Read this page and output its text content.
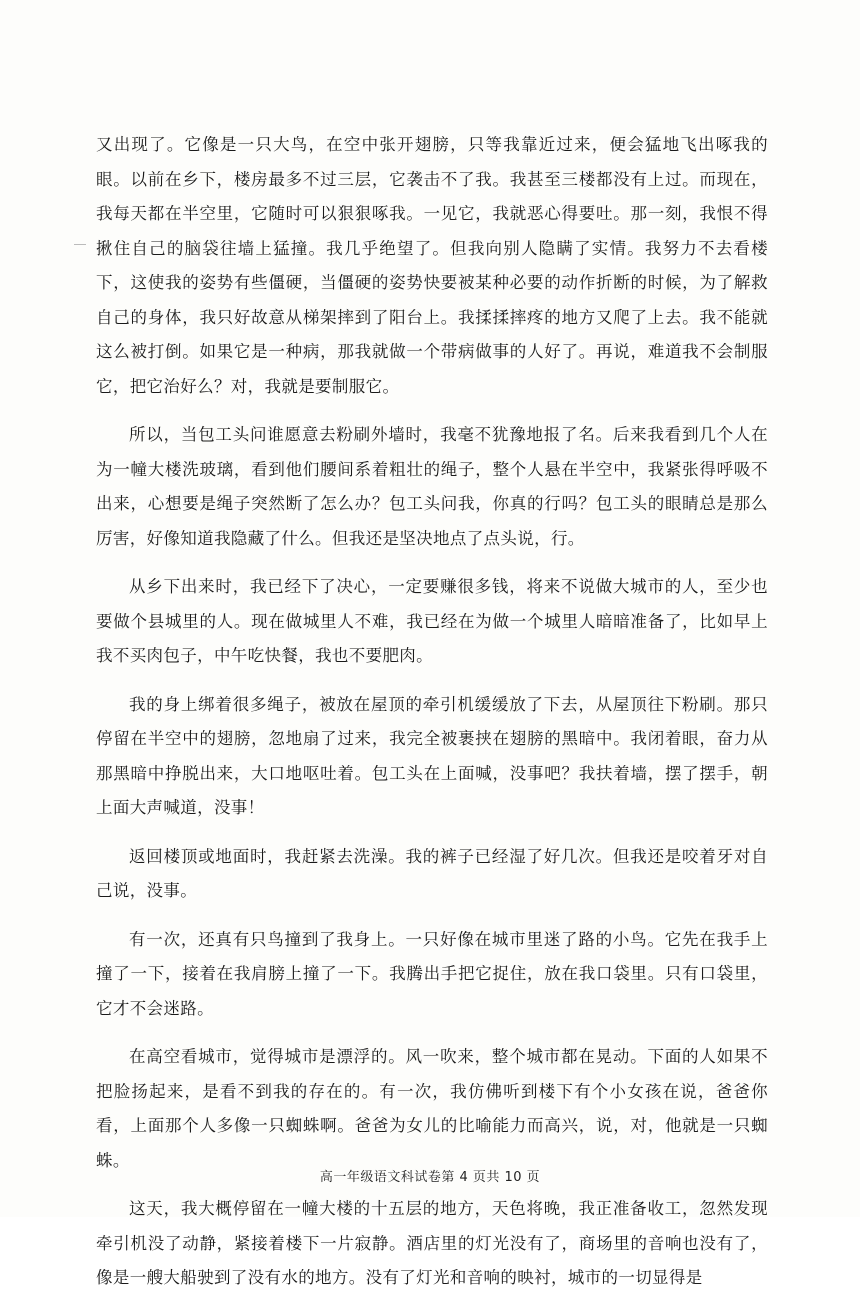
又出现了。它像是一只大鸟，在空中张开翅膀，只等我靠近过来，便会猛地飞出啄我的眼。以前在乡下，楼房最多不过三层，它袭击不了我。我甚至三楼都没有上过。而现在，我每天都在半空里，它随时可以狠狠啄我。一见它，我就恶心得要吐。那一刻，我恨不得揪住自己的脑袋往墙上猛撞。我几乎绝望了。但我向别人隐瞒了实情。我努力不去看楼下，这使我的姿势有些僵硬，当僵硬的姿势快要被某种必要的动作折断的时候，为了解救自己的身体，我只好故意从梯架摔到了阳台上。我揉揉摔疼的地方又爬了上去。我不能就这么被打倒。如果它是一种病，那我就做一个带病做事的人好了。再说，难道我不会制服它，把它治好么？对，我就是要制服它。

所以，当包工头问谁愿意去粉刷外墙时，我毫不犹豫地报了名。后来我看到几个人在为一幢大楼洗玻璃，看到他们腰间系着粗壮的绳子，整个人悬在半空中，我紧张得呼吸不出来，心想要是绳子突然断了怎么办？包工头问我，你真的行吗？包工头的眼睛总是那么厉害，好像知道我隐藏了什么。但我还是坚决地点了点头说，行。

从乡下出来时，我已经下了决心，一定要赚很多钱，将来不说做大城市的人，至少也要做个县城里的人。现在做城里人不难，我已经在为做一个城里人暗暗准备了，比如早上我不买肉包子，中午吃快餐，我也不要肥肉。

我的身上绑着很多绳子，被放在屋顶的牵引机缓缓放了下去，从屋顶往下粉刷。那只停留在半空中的翅膀，忽地扇了过来，我完全被裹挟在翅膀的黑暗中。我闭着眼，奋力从那黑暗中挣脱出来，大口地呕吐着。包工头在上面喊，没事吧？我扶着墙，摆了摆手，朝上面大声喊道，没事！

返回楼顶或地面时，我赶紧去洗澡。我的裤子已经湿了好几次。但我还是咬着牙对自己说，没事。

有一次，还真有只鸟撞到了我身上。一只好像在城市里迷了路的小鸟。它先在我手上撞了一下，接着在我肩膀上撞了一下。我腾出手把它捉住，放在我口袋里。只有口袋里，它才不会迷路。

在高空看城市，觉得城市是漂浮的。风一吹来，整个城市都在晃动。下面的人如果不把脸扬起来，是看不到我的存在的。有一次，我仿佛听到楼下有个小女孩在说，爸爸你看，上面那个人多像一只蜘蛛啊。爸爸为女儿的比喻能力而高兴，说，对，他就是一只蜘蛛。

这天，我大概停留在一幢大楼的十五层的地方，天色将晚，我正准备收工，忽然发现牵引机没了动静，紧接着楼下一片寂静。酒店里的灯光没有了，商场里的音响也没有了，像是一艘大船驶到了没有水的地方。没有了灯光和音响的映衬，城市的一切显得是

高一年级语文科试卷第 4 页共 10 页
